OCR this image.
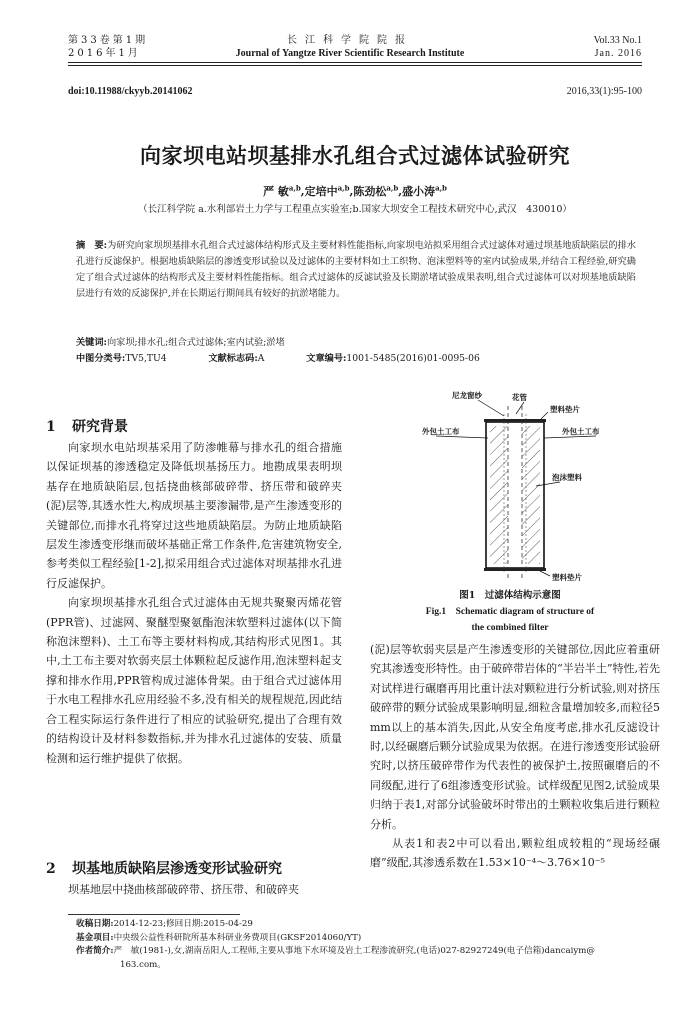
第33卷第1期
2016年1月
长江科学院院报
Journal of Yangtze River Scientific Research Institute
Vol.33 No.1
Jan. 2016
doi:10.11988/ckyyb.20141062	2016,33(1):95-100
向家坝电站坝基排水孔组合式过滤体试验研究
严 敏$^{a,b}$,定培中$^{a,b}$,陈劲松$^{a,b}$,盛小涛$^{a,b}$
（长江科学院 a.水利部岩土力学与工程重点实验室;b.国家大坝安全工程技术研究中心,武汉　430010）
摘　要:为研究向家坝坝基排水孔组合式过滤体结构形式及主要材料性能指标,向家坝电站拟采用组合式过滤体对通过坝基地质缺陷层的排水孔进行反滤保护。根据地质缺陷层的渗透变形试验以及过滤体的主要材料如土工织物、泡沫塑料等的室内试验成果,并结合工程经验,研究确定了组合式过滤体的结构形式及主要材料性能指标。组合式过滤体的反滤试验及长期淤堵试验成果表明,组合式过滤体可以对坝基地质缺陷层进行有效的反滤保护,并在长期运行期间具有较好的抗淤堵能力。
关键词:向家坝;排水孔;组合式过滤体;室内试验;淤堵
中图分类号:TV5,TU4	文献标志码:A	文章编号:1001-5485(2016)01-0095-06
1 研究背景

向家坝水电站坝基采用了防渗帷幕与排水孔的组合措施以保证坝基的渗透稳定及降低坝基扬压力。地勘成果表明坝基存在地质缺陷层,包括挠曲核部破碎带、挤压带和破碎夹(泥)层等,其透水性大,构成坝基主要渗漏带,是产生渗透变形的关键部位,而排水孔将穿过这些地质缺陷层。为防止地质缺陷层发生渗透变形继而破坏基础正常工作条件,危害建筑物安全,参考类似工程经验[1-2],拟采用组合式过滤体对坝基排水孔进行反滤保护。

向家坝坝基排水孔组合式过滤体由无规共聚聚丙烯花管(PPR管)、过滤网、聚醚型聚氨酯泡沫软塑料过滤体(以下简称泡沫塑料)、土工布等主要材料构成,其结构形式见图1。其中,土工布主要对软弱夹层土体颗粒起反滤作用,泡沫塑料起支撑和排水作用,PPR管构成过滤体骨架。由于组合式过滤体用于水电工程排水孔应用经验不多,没有相关的规程规范,因此结合工程实际运行条件进行了相应的试验研究,提出了合理有效的结构设计及材料参数指标,并为排水孔过滤体的安装、质量检测和运行维护提供了依据。

2 坝基地质缺陷层渗透变形试验研究

坝基地层中挠曲核部破碎带、挤压带、和破碎夹

尼龙窗纱	花管
塑料垫片
外包土工布	外包土工布
泡沫塑料
塑料垫片
图1　过滤体结构示意图
Fig.1　Schematic diagram of structure of
the combined filter

(泥)层等软弱夹层是产生渗透变形的关键部位,因此应着重研究其渗透变形特性。由于破碎带岩体的“半岩半土”特性,若先对试样进行碾磨再用比重计法对颗粒进行分析试验,则对挤压破碎带的颗分试验成果影响明显,细粒含量增加较多,而粒径5 mm以上的基本消失,因此,从安全角度考虑,排水孔反滤设计时,以经碾磨后颗分试验成果为依据。在进行渗透变形试验研究时,以挤压破碎带作为代表性的被保护土,按照碾磨后的不同级配,进行了6组渗透变形试验。试样级配见图2,试验成果归纳于表1,对部分试验破坏时带出的土颗粒收集后进行颗粒分析。

从表1和表2中可以看出,颗粒组成较粗的“现场经碾磨”级配,其渗透系数在1.53×10⁻⁴～3.76×10⁻⁵

收稿日期:2014-12-23;修回日期:2015-04-29
基金项目:中央级公益性科研院所基本科研业务费项目(GKSF2014060/YT)
作者简介:严　敏(1981-),女,湖南岳阳人,工程师,主要从事地下水环境及岩土工程渗流研究,(电话)027-82927249(电子信箱)dancaiym@
163.com。
